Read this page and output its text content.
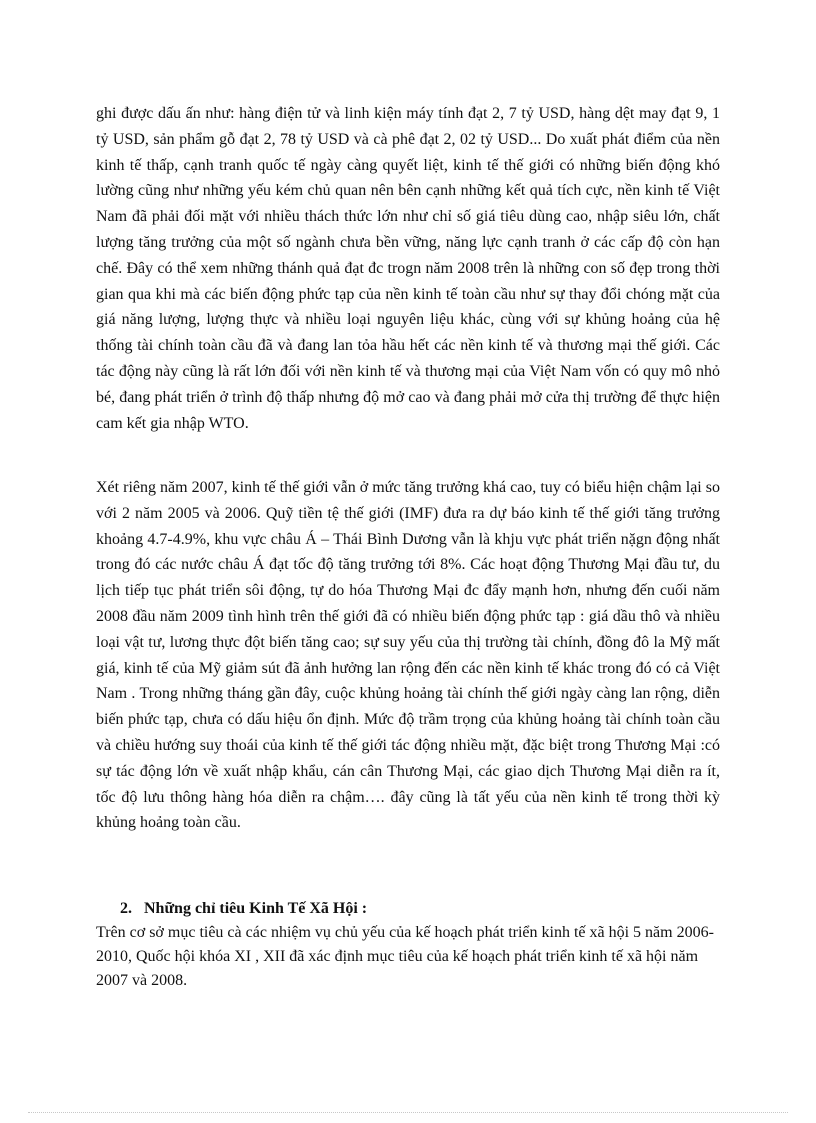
ghi được dấu ấn như: hàng điện tử và linh kiện máy tính đạt 2, 7 tỷ USD, hàng dệt may đạt 9, 1 tỷ USD, sản phẩm gỗ đạt 2, 78 tỷ USD và cà phê đạt 2, 02 tỷ USD... Do xuất phát điểm của nền kinh tế thấp, cạnh tranh quốc tế ngày càng quyết liệt, kinh tế thế giới có những biến động khó lường cũng như những yếu kém chủ quan nên bên cạnh những kết quả tích cực, nền kinh tế Việt Nam đã phải đối mặt với nhiều thách thức lớn như chỉ số giá tiêu dùng cao, nhập siêu lớn, chất lượng tăng trưởng của một số ngành chưa bền vững, năng lực cạnh tranh ở các cấp độ còn hạn chế. Đây có thể xem những thánh quả đạt đc trogn năm 2008 trên là những con số đẹp trong thời gian qua khi mà các biến động phức tạp của nền kinh tế toàn cầu như sự thay đổi chóng mặt của giá năng lượng, lượng thực và nhiều loại nguyên liệu khác, cùng với sự khủng hoảng của hệ thống tài chính toàn cầu đã và đang lan tỏa hầu hết các nền kinh tế và thương mại thế giới. Các tác động này cũng là rất lớn đối với nền kinh tế và thương mại của Việt Nam vốn có quy mô nhỏ bé, đang phát triển ở trình độ thấp nhưng độ mở cao và đang phải mở cửa thị trường để thực hiện cam kết gia nhập WTO.

Xét riêng năm 2007, kinh tế thế giới vẫn ở mức tăng trưởng khá cao, tuy có biểu hiện chậm lại so với 2 năm 2005 và 2006. Quỹ tiền tệ thế giới (IMF) đưa ra dự báo kinh tế thế giới tăng trưởng khoảng 4.7-4.9%, khu vực châu Á – Thái Bình Dương vẫn là khju vực phát triển nặgn động nhất trong đó các nước châu Á đạt tốc độ tăng trưởng tới 8%. Các hoạt động Thương Mại đầu tư, du lịch tiếp tục phát triển sôi động, tự do hóa Thương Mại đc đẩy mạnh hơn, nhưng đến cuối năm 2008 đầu năm 2009 tình hình trên thế giới đã có nhiều biến động phức tạp : giá dầu thô và nhiều loại vật tư, lương thực đột biến tăng cao; sự suy yếu của thị trường tài chính, đồng đô la Mỹ mất giá, kinh tế của Mỹ giảm sút đã ảnh hưởng lan rộng đến các nền kinh tế khác trong đó có cả Việt Nam . Trong những tháng gần đây, cuộc khủng hoảng tài chính thế giới ngày càng lan rộng, diễn biến phức tạp, chưa có dấu hiệu ổn định. Mức độ trầm trọng của khủng hoảng tài chính toàn cầu và chiều hướng suy thoái của kinh tế thế giới tác động nhiều mặt, đặc biệt trong Thương Mại :có sự tác động lớn về xuất nhập khẩu, cán cân Thương Mại, các giao dịch Thương Mại diễn ra ít, tốc độ lưu thông hàng hóa diễn ra chậm…. đây cũng là tất yếu của nền kinh tế trong thời kỳ khủng hoảng toàn cầu.

2. Những chỉ tiêu Kinh Tế Xã Hội :

Trên cơ sở mục tiêu cà các nhiệm vụ chủ yếu của kế hoạch phát triển kinh tế xã hội 5 năm 2006-2010, Quốc hội khóa XI , XII đã xác định mục tiêu của kế hoạch phát triển kinh tế xã hội năm 2007 và 2008.
